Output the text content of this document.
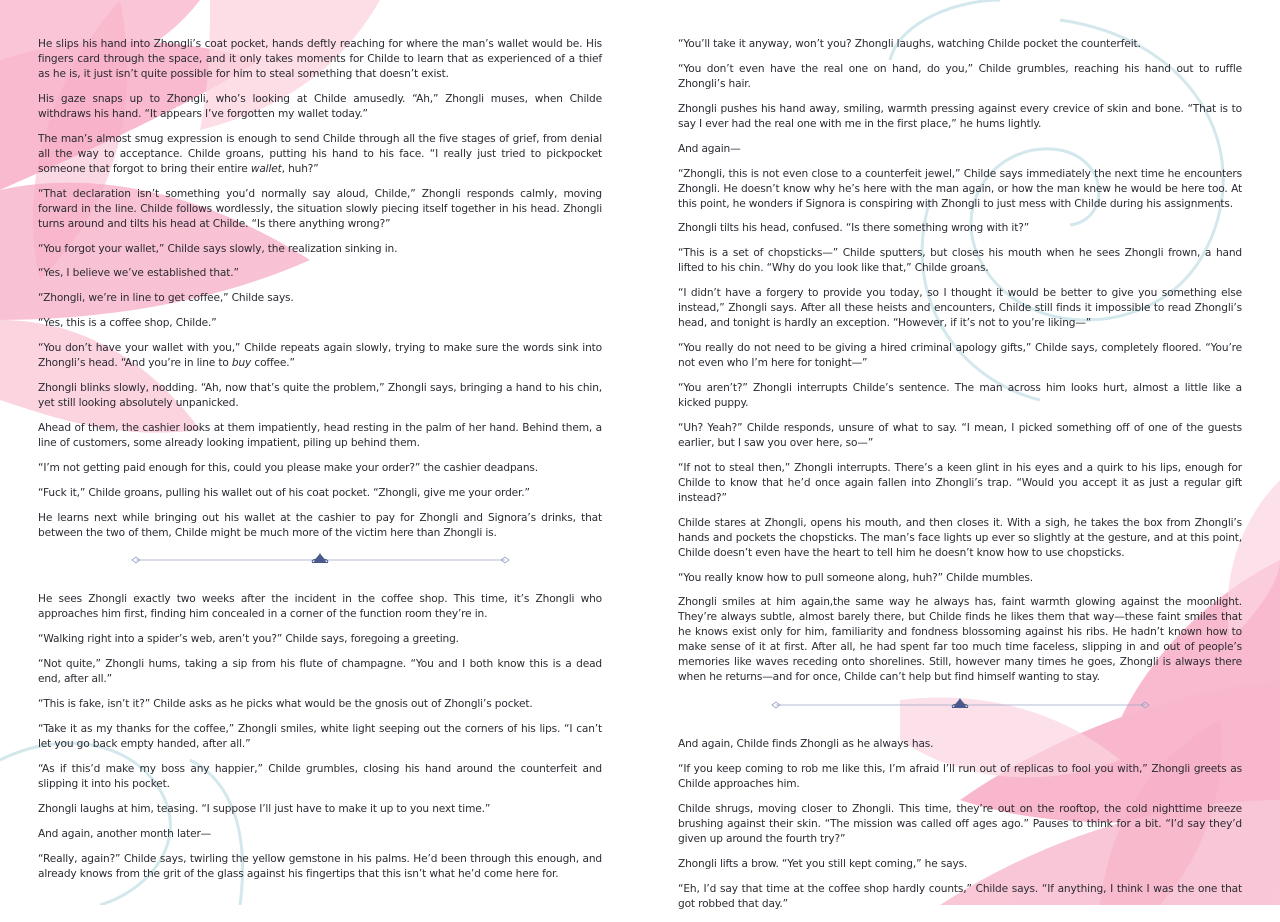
He slips his hand into Zhongli’s coat pocket, hands deftly reaching for where the man’s wallet would be. His fingers card through the space, and it only takes moments for Childe to learn that as experienced of a thief as he is, it just isn’t quite possible for him to steal something that doesn’t exist.

His gaze snaps up to Zhongli, who’s looking at Childe amusedly. “Ah,” Zhongli muses, when Childe withdraws his hand. “It appears I’ve forgotten my wallet today.”

The man’s almost smug expression is enough to send Childe through all the five stages of grief, from denial all the way to acceptance. Childe groans, putting his hand to his face. “I really just tried to pickpocket someone that forgot to bring their entire wallet, huh?”

“That declaration isn’t something you’d normally say aloud, Childe,” Zhongli responds calmly, moving forward in the line. Childe follows wordlessly, the situation slowly piecing itself together in his head. Zhongli turns around and tilts his head at Childe. “Is there anything wrong?”

“You forgot your wallet,” Childe says slowly, the realization sinking in.

“Yes, I believe we’ve established that.”

“Zhongli, we’re in line to get coffee,” Childe says.

“Yes, this is a coffee shop, Childe.”

“You don’t have your wallet with you,” Childe repeats again slowly, trying to make sure the words sink into Zhongli’s head. “And you’re in line to buy coffee.”

Zhongli blinks slowly, nodding. “Ah, now that’s quite the problem,” Zhongli says, bringing a hand to his chin, yet still looking absolutely unpanicked.

Ahead of them, the cashier looks at them impatiently, head resting in the palm of her hand. Behind them, a line of customers, some already looking impatient, piling up behind them.

“I’m not getting paid enough for this, could you please make your order?” the cashier deadpans.

“Fuck it,” Childe groans, pulling his wallet out of his coat pocket. “Zhongli, give me your order.”

He learns next while bringing out his wallet at the cashier to pay for Zhongli and Signora’s drinks, that between the two of them, Childe might be much more of the victim here than Zhongli is.

He sees Zhongli exactly two weeks after the incident in the coffee shop. This time, it’s Zhongli who approaches him first, finding him concealed in a corner of the function room they’re in.

“Walking right into a spider’s web, aren’t you?” Childe says, foregoing a greeting.

“Not quite,” Zhongli hums, taking a sip from his flute of champagne. “You and I both know this is a dead end, after all.”

“This is fake, isn’t it?” Childe asks as he picks what would be the gnosis out of Zhongli’s pocket.

“Take it as my thanks for the coffee,” Zhongli smiles, white light seeping out the corners of his lips. “I can’t let you go back empty handed, after all.”

“As if this’d make my boss any happier,” Childe grumbles, closing his hand around the counterfeit and slipping it into his pocket.

Zhongli laughs at him, teasing. “I suppose I’ll just have to make it up to you next time.”

And again, another month later—

“Really, again?” Childe says, twirling the yellow gemstone in his palms. He’d been through this enough, and already knows from the grit of the glass against his fingertips that this isn’t what he’d come here for.

“You’ll take it anyway, won’t you? Zhongli laughs, watching Childe pocket the counterfeit.

“You don’t even have the real one on hand, do you,” Childe grumbles, reaching his hand out to ruffle Zhongli’s hair.

Zhongli pushes his hand away, smiling, warmth pressing against every crevice of skin and bone. “That is to say I ever had the real one with me in the first place,” he hums lightly.

And again—

“Zhongli, this is not even close to a counterfeit jewel,” Childe says immediately the next time he encounters Zhongli. He doesn’t know why he’s here with the man again, or how the man knew he would be here too. At this point, he wonders if Signora is conspiring with Zhongli to just mess with Childe during his assignments.

Zhongli tilts his head, confused. “Is there something wrong with it?”

“This is a set of chopsticks—” Childe sputters, but closes his mouth when he sees Zhongli frown, a hand lifted to his chin. “Why do you look like that,” Childe groans.

“I didn’t have a forgery to provide you today, so I thought it would be better to give you something else instead,” Zhongli says. After all these heists and encounters, Childe still finds it impossible to read Zhongli’s head, and tonight is hardly an exception. “However, if it’s not to you’re liking—”

“You really do not need to be giving a hired criminal apology gifts,” Childe says, completely floored. “You’re not even who I’m here for tonight—”

“You aren’t?” Zhongli interrupts Childe’s sentence. The man across him looks hurt, almost a little like a kicked puppy.

“Uh? Yeah?” Childe responds, unsure of what to say. “I mean, I picked something off of one of the guests earlier, but I saw you over here, so—”

“If not to steal then,” Zhongli interrupts. There’s a keen glint in his eyes and a quirk to his lips, enough for Childe to know that he’d once again fallen into Zhongli’s trap. “Would you accept it as just a regular gift instead?”

Childe stares at Zhongli, opens his mouth, and then closes it. With a sigh, he takes the box from Zhongli’s hands and pockets the chopsticks. The man’s face lights up ever so slightly at the gesture, and at this point, Childe doesn’t even have the heart to tell him he doesn’t know how to use chopsticks.

“You really know how to pull someone along, huh?” Childe mumbles.

Zhongli smiles at him again,the same way he always has, faint warmth glowing against the moonlight. They’re always subtle, almost barely there, but Childe finds he likes them that way—these faint smiles that he knows exist only for him, familiarity and fondness blossoming against his ribs. He hadn’t known how to make sense of it at first. After all, he had spent far too much time faceless, slipping in and out of people’s memories like waves receding onto shorelines. Still, however many times he goes, Zhongli is always there when he returns—and for once, Childe can’t help but find himself wanting to stay.

And again, Childe finds Zhongli as he always has.

“If you keep coming to rob me like this, I’m afraid I’ll run out of replicas to fool you with,” Zhongli greets as Childe approaches him.

Childe shrugs, moving closer to Zhongli. This time, they’re out on the rooftop, the cold nighttime breeze brushing against their skin. “The mission was called off ages ago.” Pauses to think for a bit. “I’d say they’d given up around the fourth try?”

Zhongli lifts a brow. “Yet you still kept coming,” he says.

“Eh, I’d say that time at the coffee shop hardly counts,” Childe says. “If anything, I think I was the one that got robbed that day.”
